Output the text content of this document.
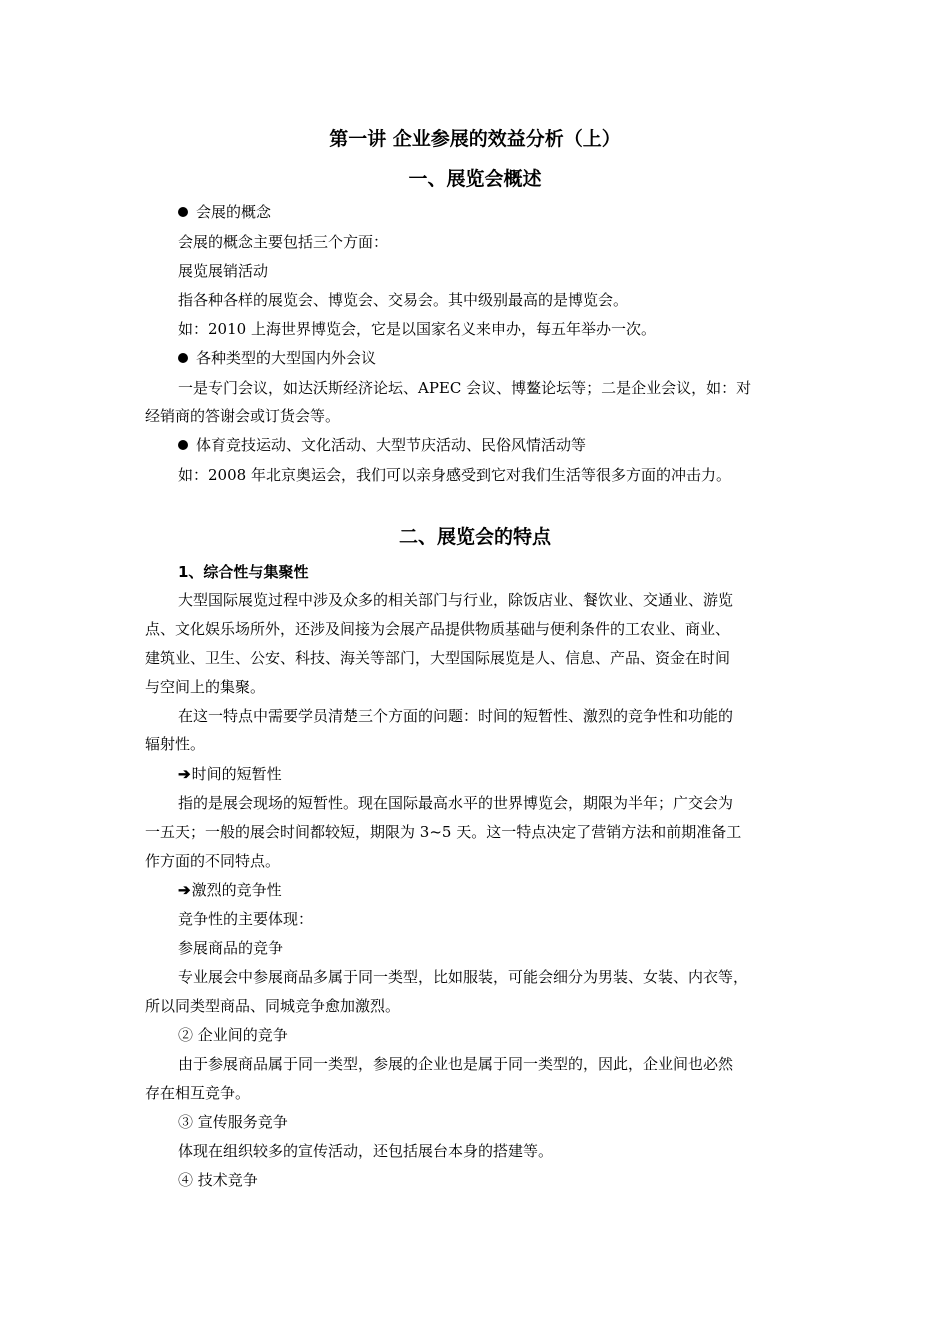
第一讲 企业参展的效益分析（上）
一、展览会概述
会展的概念
会展的概念主要包括三个方面：
展览展销活动
指各种各样的展览会、博览会、交易会。其中级别最高的是博览会。
如：2010 上海世界博览会，它是以国家名义来申办，每五年举办一次。
各种类型的大型国内外会议
一是专门会议，如达沃斯经济论坛、APEC 会议、博鳌论坛等；二是企业会议，如：对
经销商的答谢会或订货会等。
体育竞技运动、文化活动、大型节庆活动、民俗风情活动等
如：2008 年北京奥运会，我们可以亲身感受到它对我们生活等很多方面的冲击力。
二、展览会的特点
1、综合性与集聚性
大型国际展览过程中涉及众多的相关部门与行业，除饭店业、餐饮业、交通业、游览
点、文化娱乐场所外，还涉及间接为会展产品提供物质基础与便利条件的工农业、商业、
建筑业、卫生、公安、科技、海关等部门，大型国际展览是人、信息、产品、资金在时间
与空间上的集聚。
在这一特点中需要学员清楚三个方面的问题：时间的短暂性、激烈的竞争性和功能的
辐射性。
➔时间的短暂性
指的是展会现场的短暂性。现在国际最高水平的世界博览会，期限为半年；广交会为
一五天；一般的展会时间都较短，期限为 3~5 天。这一特点决定了营销方法和前期准备工
作方面的不同特点。
➔激烈的竞争性
竞争性的主要体现：
参展商品的竞争
专业展会中参展商品多属于同一类型，比如服装，可能会细分为男装、女装、内衣等，
所以同类型商品、同城竞争愈加激烈。
② 企业间的竞争
由于参展商品属于同一类型，参展的企业也是属于同一类型的，因此，企业间也必然
存在相互竞争。
③ 宣传服务竞争
体现在组织较多的宣传活动，还包括展台本身的搭建等。
④ 技术竞争
